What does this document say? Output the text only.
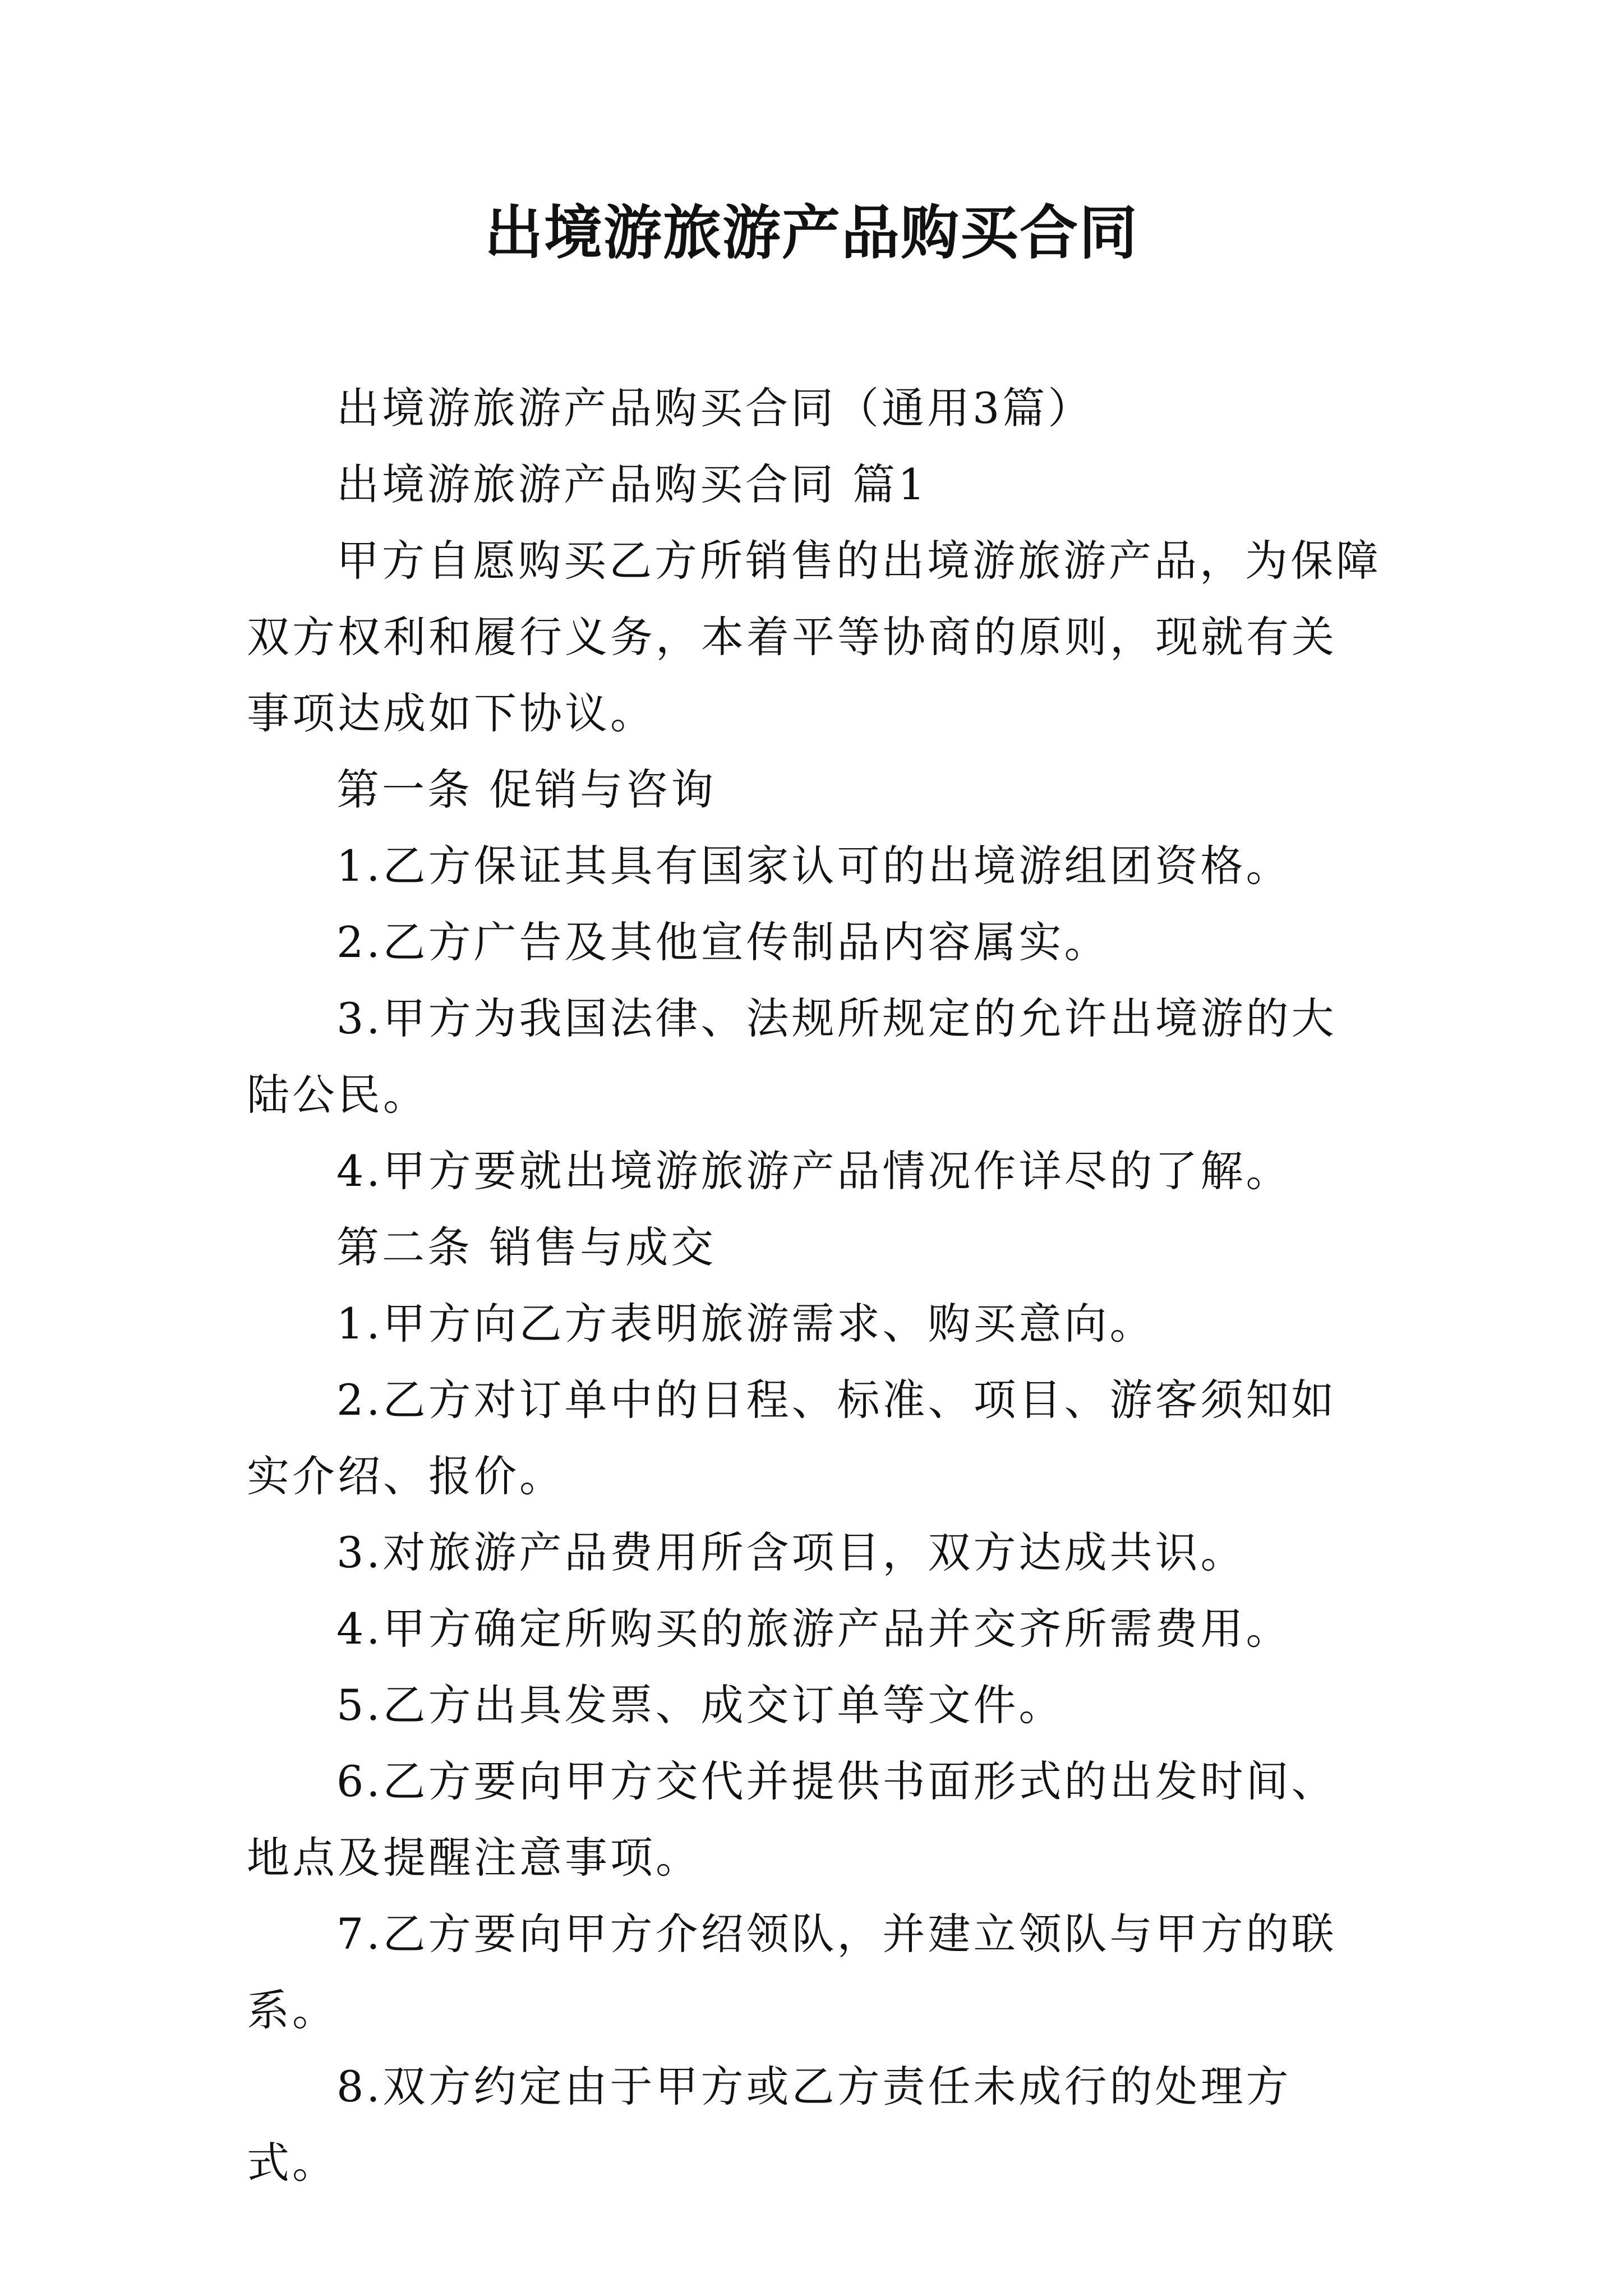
出境游旅游产品购买合同

出境游旅游产品购买合同（通用3篇）

出境游旅游产品购买合同 篇1

甲方自愿购买乙方所销售的出境游旅游产品，为保障双方权利和履行义务，本着平等协商的原则，现就有关事项达成如下协议。

第一条 促销与咨询

1.乙方保证其具有国家认可的出境游组团资格。

2.乙方广告及其他宣传制品内容属实。

3.甲方为我国法律、法规所规定的允许出境游的大陆公民。

4.甲方要就出境游旅游产品情况作详尽的了解。

第二条 销售与成交

1.甲方向乙方表明旅游需求、购买意向。

2.乙方对订单中的日程、标准、项目、游客须知如实介绍、报价。

3.对旅游产品费用所含项目，双方达成共识。

4.甲方确定所购买的旅游产品并交齐所需费用。

5.乙方出具发票、成交订单等文件。

6.乙方要向甲方交代并提供书面形式的出发时间、地点及提醒注意事项。

7.乙方要向甲方介绍领队，并建立领队与甲方的联系。

8.双方约定由于甲方或乙方责任未成行的处理方式。
